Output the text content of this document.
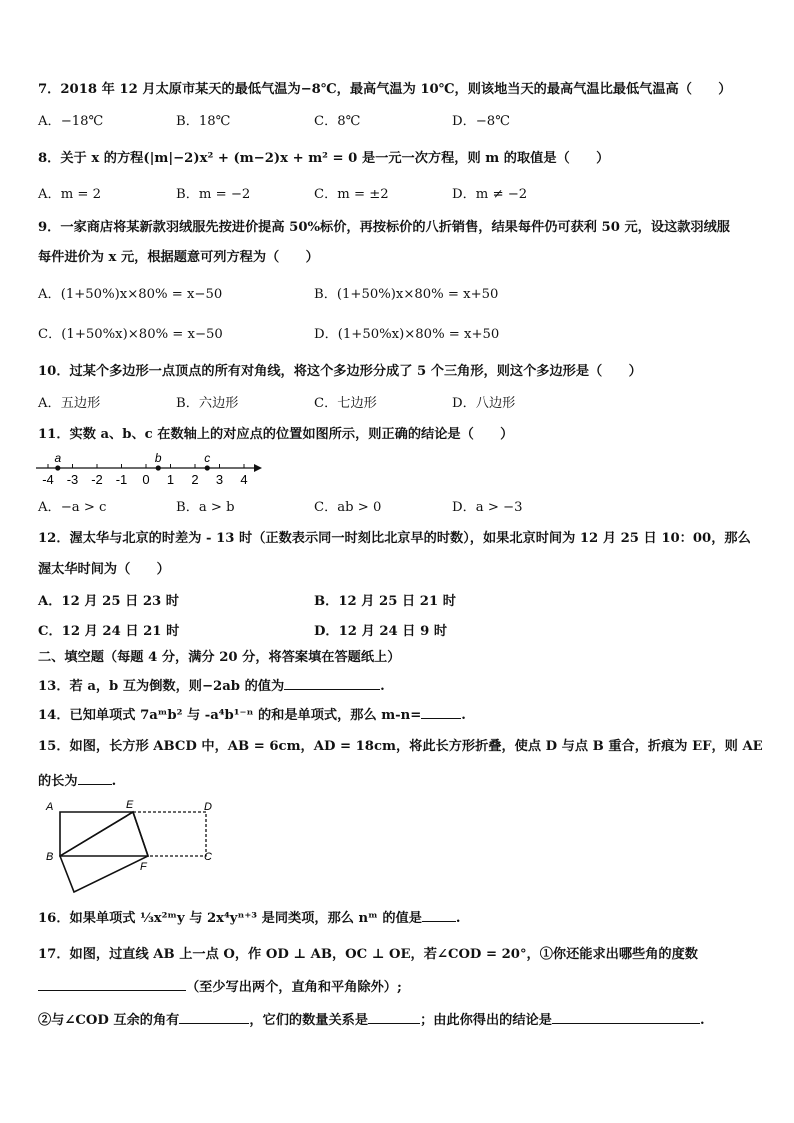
7．2018 年 12 月太原市某天的最低气温为−8℃，最高气温为 10℃，则该地当天的最高气温比最低气温高（　　）
A．−18℃	B．18℃	C．8℃	D．−8℃
8．关于 x 的方程(|m|−2)x² + (m−2)x + m² = 0 是一元一次方程，则 m 的取值是（　　）
A．m = 2	B．m = −2	C．m = ±2	D．m ≠ −2
9．一家商店将某新款羽绒服先按进价提高 50%标价，再按标价的八折销售，结果每件仍可获利 50 元，设这款羽绒服
每件进价为 x 元，根据题意可列方程为（　　）
A．(1+50%)x×80% = x−50	B．(1+50%)x×80% = x+50
C．(1+50%x)×80% = x−50	D．(1+50%x)×80% = x+50
10．过某个多边形一点顶点的所有对角线，将这个多边形分成了 5 个三角形，则这个多边形是（　　）
A．五边形	B．六边形	C．七边形	D．八边形
11．实数 a、b、c 在数轴上的对应点的位置如图所示，则正确的结论是（　　）
-4 -3 -2 -1 0 1 2 3 4
a	b	c
A．−a > c	B．a > b	C．ab > 0	D．a > −3
12．渥太华与北京的时差为 - 13 时（正数表示同一时刻比北京早的时数），如果北京时间为 12 月 25 日 10：00，那么
渥太华时间为（　　）
A．12 月 25 日 23 时	B．12 月 25 日 21 时
C．12 月 24 日 21 时	D．12 月 24 日 9 时
二、填空题（每题 4 分，满分 20 分，将答案填在答题纸上）
13．若 a，b 互为倒数，则−2ab 的值为	.
14．已知单项式 7aᵐb² 与 -a⁴b¹⁻ⁿ 的和是单项式，那么 m-n=	.
15．如图，长方形 ABCD 中，AB = 6cm，AD = 18cm，将此长方形折叠，使点 D 与点 B 重合，折痕为 EF，则 AE
的长为	.
A	E	D
B	C
F
16．如果单项式 ⅓x²ᵐy 与 2x⁴yⁿ⁺³ 是同类项，那么 nᵐ 的值是	.
17．如图，过直线 AB 上一点 O，作 OD ⊥ AB，OC ⊥ OE，若∠COD = 20°，①你还能求出哪些角的度数
（至少写出两个，直角和平角除外）;
②与∠COD 互余的角有	，它们的数量关系是	；由此你得出的结论是	.
